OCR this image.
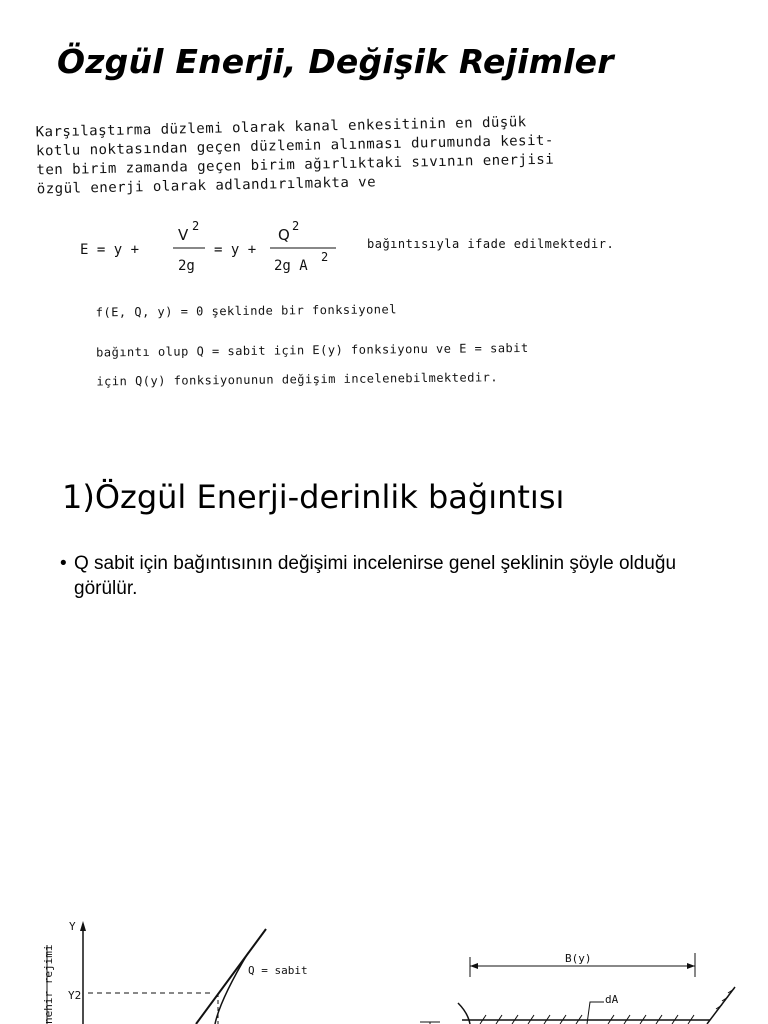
Özgül Enerji, Değişik Rejimler
Karşılaştırma düzlemi olarak kanal enkesitinin en düşük
kotlu noktasından geçen düzlemin alınması durumunda kesit-
ten birim zamanda geçen birim ağırlıktaki sıvının enerjisi
özgül enerji olarak adlandırılmakta ve
E = y +
V 2
2g
= y +
Q 2
2g A
2
bağıntısıyla ifade edilmektedir.
f(E, Q, y) = 0 şeklinde bir fonksiyonel
bağıntı olup Q = sabit için E(y) fonksiyonu ve E = sabit
için Q(y) fonksiyonunun değişim incelenebilmektedir.
1)Özgül Enerji-derinlik bağıntısı
• Q sabit için bağıntısının değişimi incelenirse genel şeklinin şöyle olduğu görülür.
Y
nehir rejimi Y2
Q = sabit
B(y)
dA
